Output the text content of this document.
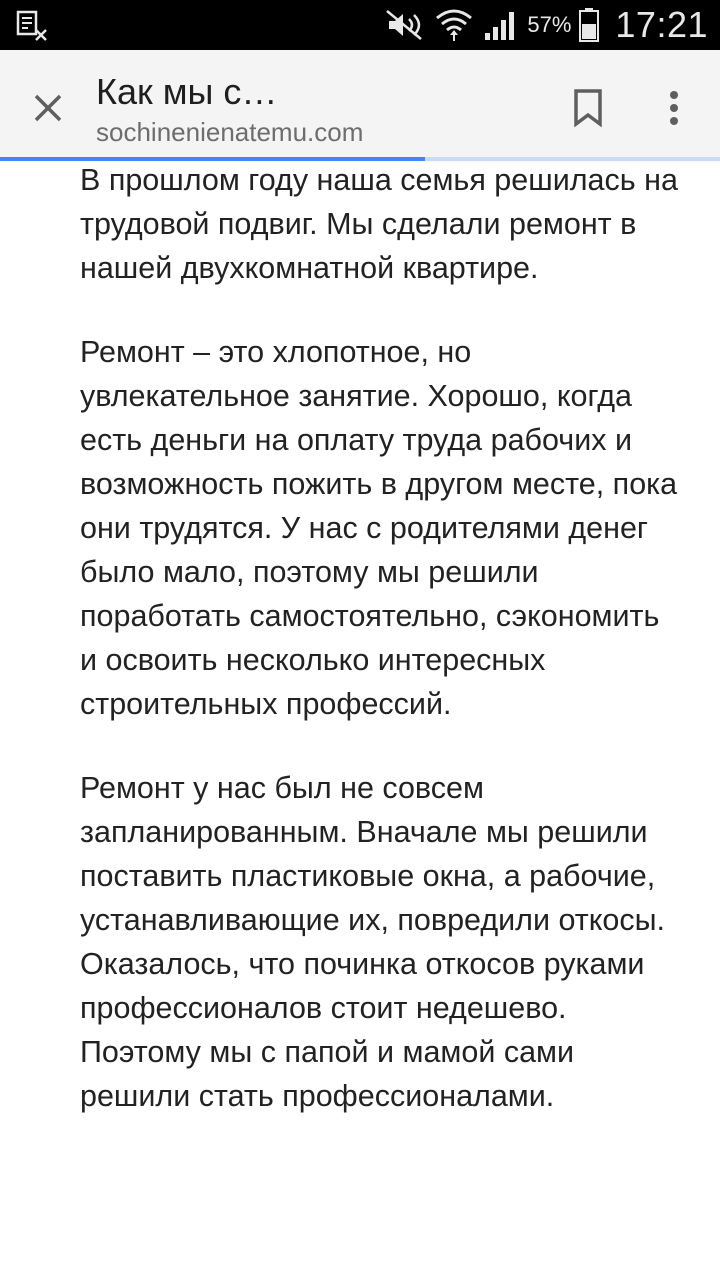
57% 17:21
Как мы с…
sochinenienatemu.com

В прошлом году наша семья решилась на трудовой подвиг. Мы сделали ремонт в нашей двухкомнатной квартире.

Ремонт – это хлопотное, но увлекательное занятие. Хорошо, когда есть деньги на оплату труда рабочих и возможность пожить в другом месте, пока они трудятся. У нас с родителями денег было мало, поэтому мы решили поработать самостоятельно, сэкономить и освоить несколько интересных строительных профессий.

Ремонт у нас был не совсем запланированным. Вначале мы решили поставить пластиковые окна, а рабочие, устанавливающие их, повредили откосы. Оказалось, что починка откосов руками профессионалов стоит недешево. Поэтому мы с папой и мамой сами решили стать профессионалами.
